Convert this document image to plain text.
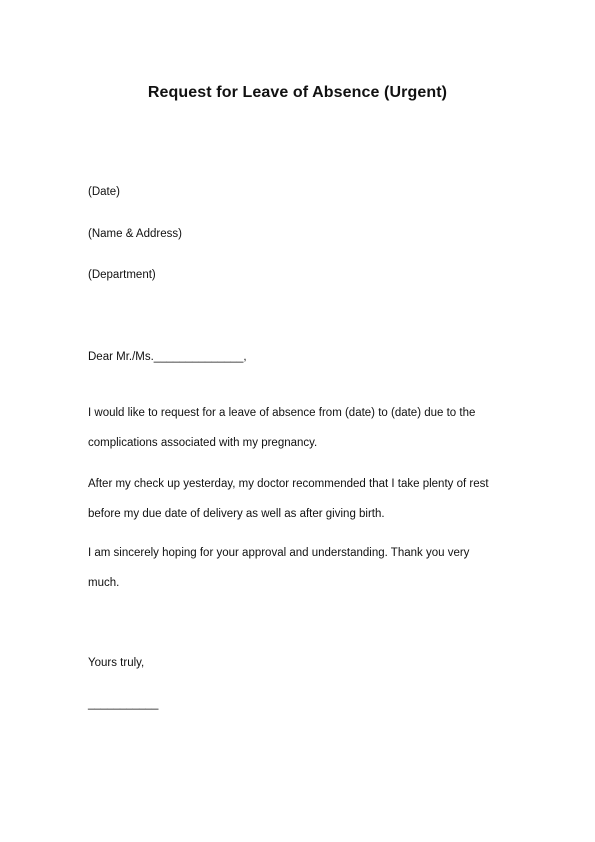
Request for Leave of Absence (Urgent)
(Date)
(Name & Address)
(Department)
Dear Mr./Ms.______________,
I would like to request for a leave of absence from (date) to (date) due to the
complications associated with my pregnancy.
After my check up yesterday, my doctor recommended that I take plenty of rest
before my due date of delivery as well as after giving birth.
I am sincerely hoping for your approval and understanding. Thank you very
much.
Yours truly,
___________
